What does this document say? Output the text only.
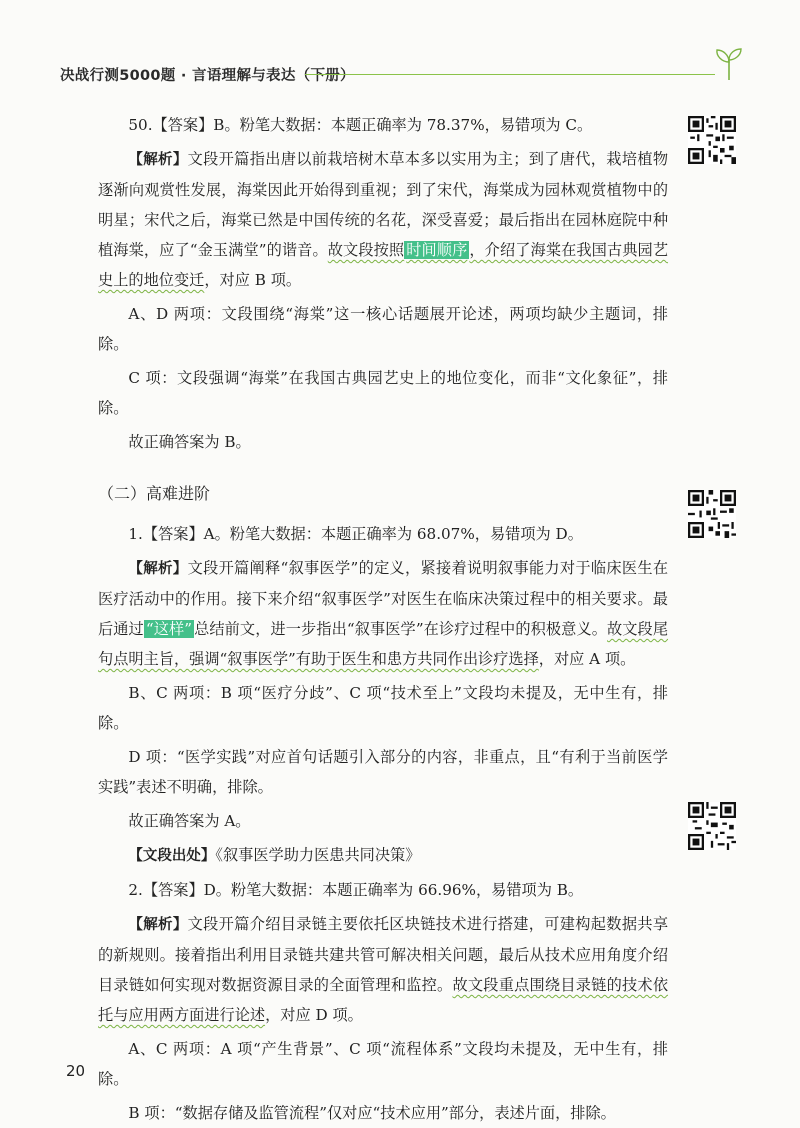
决战行测5000题 · 言语理解与表达（下册）

50.【答案】B。粉笔大数据：本题正确率为 78.37%，易错项为 C。

【解析】文段开篇指出唐以前栽培树木草本多以实用为主；到了唐代，栽培植物逐渐向观赏性发展，海棠因此开始得到重视；到了宋代，海棠成为园林观赏植物中的明星；宋代之后，海棠已然是中国传统的名花，深受喜爱；最后指出在园林庭院中种植海棠，应了“金玉满堂”的谐音。故文段按照 时间顺序 ，介绍了海棠在我国古典园艺史上的地位变迁，对应 B 项。

A、D 两项：文段围绕“海棠”这一核心话题展开论述，两项均缺少主题词，排除。

C 项：文段强调“海棠”在我国古典园艺史上的地位变化，而非“文化象征”，排除。

故正确答案为 B。

（二）高难进阶

1.【答案】A。粉笔大数据：本题正确率为 68.07%，易错项为 D。

【解析】文段开篇阐释“叙事医学”的定义，紧接着说明叙事能力对于临床医生在医疗活动中的作用。接下来介绍“叙事医学”对医生在临床决策过程中的相关要求。最后通过 “这样” 总结前文，进一步指出“叙事医学”在诊疗过程中的积极意义。故文段尾句点明主旨，强调“叙事医学”有助于医生和患方共同作出诊疗选择，对应 A 项。

B、C 两项：B 项“医疗分歧”、C 项“技术至上”文段均未提及，无中生有，排除。

D 项：“医学实践”对应首句话题引入部分的内容，非重点，且“有利于当前医学实践”表述不明确，排除。

故正确答案为 A。

【文段出处】《叙事医学助力医患共同决策》

2.【答案】D。粉笔大数据：本题正确率为 66.96%，易错项为 B。

【解析】文段开篇介绍目录链主要依托区块链技术进行搭建，可建构起数据共享的新规则。接着指出利用目录链共建共管可解决相关问题，最后从技术应用角度介绍目录链如何实现对数据资源目录的全面管理和监控。故文段重点围绕目录链的技术依托与应用两方面进行论述，对应 D 项。

A、C 两项：A 项“产生背景”、C 项“流程体系”文段均未提及，无中生有，排除。

B 项：“数据存储及监管流程”仅对应“技术应用”部分，表述片面，排除。

20
